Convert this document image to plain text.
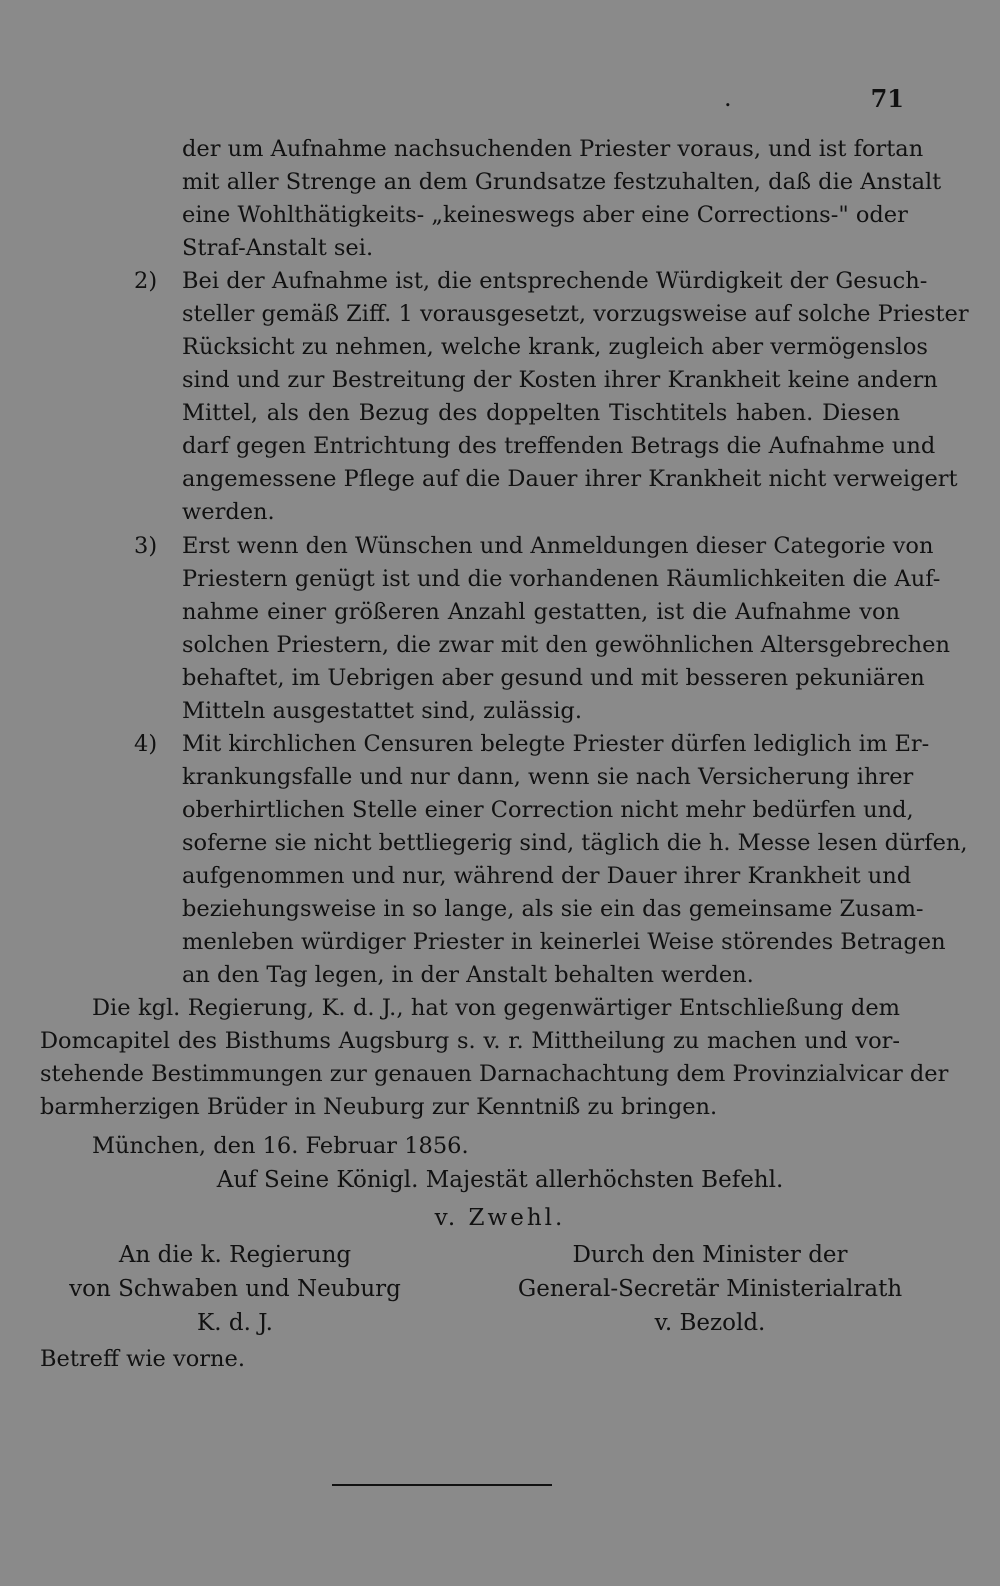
.	71
der um Aufnahme nachsuchenden Priester voraus, und ist fortan
mit aller Strenge an dem Grundsatze festzuhalten, daß die Anstalt
eine Wohlthätigkeits- „keineswegs aber eine Corrections-" oder
Straf-Anstalt sei.
2) Bei der Aufnahme ist, die entsprechende Würdigkeit der Gesuch-
steller gemäß Ziff. 1 vorausgesetzt, vorzugsweise auf solche Priester
Rücksicht zu nehmen, welche krank, zugleich aber vermögenslos
sind und zur Bestreitung der Kosten ihrer Krankheit keine andern
Mittel, als den Bezug des doppelten Tischtitels haben. Diesen
darf gegen Entrichtung des treffenden Betrags die Aufnahme und
angemessene Pflege auf die Dauer ihrer Krankheit nicht verweigert
werden.
3) Erst wenn den Wünschen und Anmeldungen dieser Categorie von
Priestern genügt ist und die vorhandenen Räumlichkeiten die Auf-
nahme einer größeren Anzahl gestatten, ist die Aufnahme von
solchen Priestern, die zwar mit den gewöhnlichen Altersgebrechen
behaftet, im Uebrigen aber gesund und mit besseren pekuniären
Mitteln ausgestattet sind, zulässig.
4) Mit kirchlichen Censuren belegte Priester dürfen lediglich im Er-
krankungsfalle und nur dann, wenn sie nach Versicherung ihrer
oberhirtlichen Stelle einer Correction nicht mehr bedürfen und,
soferne sie nicht bettliegerig sind, täglich die h. Messe lesen dürfen,
aufgenommen und nur, während der Dauer ihrer Krankheit und
beziehungsweise in so lange, als sie ein das gemeinsame Zusam-
menleben würdiger Priester in keinerlei Weise störendes Betragen
an den Tag legen, in der Anstalt behalten werden.
Die kgl. Regierung, K. d. J., hat von gegenwärtiger Entschließung dem
Domcapitel des Bisthums Augsburg s. v. r. Mittheilung zu machen und vor-
stehende Bestimmungen zur genauen Darnachachtung dem Provinzialvicar der
barmherzigen Brüder in Neuburg zur Kenntniß zu bringen.
München, den 16. Februar 1856.
Auf Seine Königl. Majestät allerhöchsten Befehl.
v. Zwehl.
An die k. Regierung
von Schwaben und Neuburg
K. d. J.
Durch den Minister der
General-Secretär Ministerialrath
v. Bezold.
Betreff wie vorne.
